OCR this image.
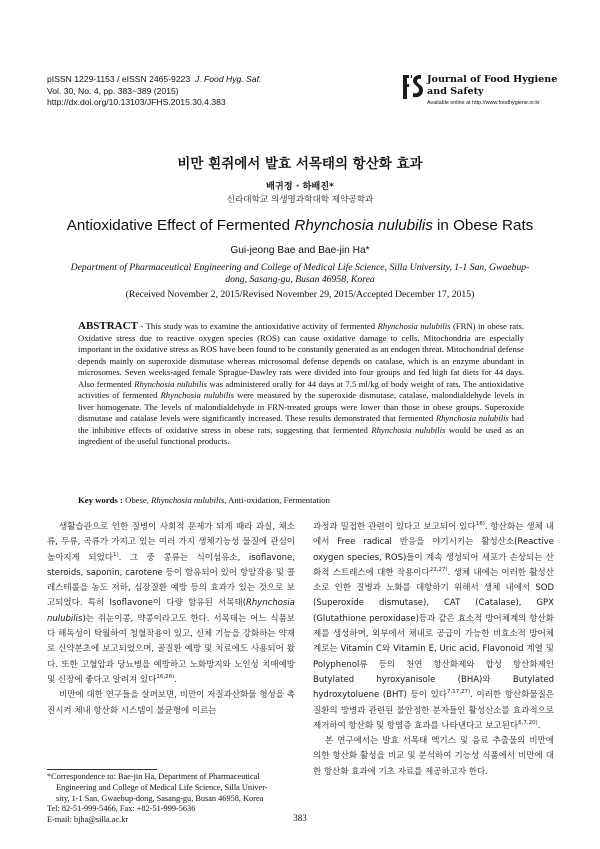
pISSN 1229-1153 / eISSN 2465-9223 J. Food Hyg. Saf.
Vol. 30, No. 4, pp. 383~389 (2015)
http://dx.doi.org/10.13103/JFHS.2015.30.4.383
Journal of Food Hygiene
and Safety
Available online at http://www.foodhygiene.or.kr
비만 흰쥐에서 발효 서목태의 항산화 효과
배귀정 · 하배진*
신라대학교 의생명과학대학 제약공학과
Antioxidative Effect of Fermented Rhynchosia nulubilis in Obese Rats
Gui-jeong Bae and Bae-jin Ha*
Department of Pharmaceutical Engineering and College of Medical Life Science, Silla University, 1-1 San, Gwaebup-dong, Sasang-gu, Busan 46958, Korea
(Received November 2, 2015/Revised November 29, 2015/Accepted December 17, 2015)
ABSTRACT - This study was to examine the antioxidative activity of fermented Rhynchosia nulubilis (FRN) in obese rats. Oxidative stress due to reactive oxygen species (ROS) can cause oxidative damage to cells. Mitochondria are especially important in the oxidative stress as ROS have been found to be constantly generated as an endogen threat. Mitochondrial defense depends mainly on superoxide dismutase whereas microsomal defense depends on catalase, which is an enzyme abundant in microsomes. Seven weeks-aged female Sprague-Dawley rats were divided into four groups and fed high fat diets for 44 days. Also fermented Rhynchosia nulubilis was administered orally for 44 days at 7.5 ml/kg of body weight of rats. The antioxidative activities of fermented Rhynchosia nulubilis were measured by the superoxide dismutase, catalase, malondialdehyde levels in liver homogenate. The levels of malondialdehyde in FRN-treated groups were lower than those in obese groups. Superoxide dismutase and catalase levels were significantly increased. These results demonstrated that fermented Rhynchosia nulubilis had the inhibitive effects of oxidative stress in obese rats, suggesting that fermented Rhynchosia nulubilis would be used as an ingredient of the useful functional products.
Key words : Obese, Rhynchosia nulubilis, Anti-oxidation, Fermentation

생활습관으로 인한 질병이 사회적 문제가 되게 때라 과실, 채소류, 두류, 곡류가 가지고 있는 여러 가지 생체기능성 물질에 관심이 높아지게 되었다$^{1)}$. 그 중 콩류는 식이섬유소, isoflavone, steroids, saponin, carotene 등이 함유되어 있어 항암작용 및 콜레스테롤을 농도 저하, 심장질환 예방 등의 효과가 있는 것으로 보고되었다. 특히 Isoflavone이 다량 함유된 서목태(Rhynchosia nulubilis)는 쥐눈이콩, 약콩이라고도 한다. 서목태는 어느 식품보다 해독성이 탁월하여 청혈작용이 있고, 신체 기능을 강화하는 약재로 신약본초에 보고되었으며, 골질환 예방 및 치료에도 사용되어 왔다. 또한 고혈압과 당뇨병을 예방하고 노화방지와 노인성 치매예방 및 신장에 좋다고 알려져 있다$^{16,26)}$.

비만에 대한 연구들을 살펴보면, 비만이 저질과산화물 형성을 촉진시켜 체내 항산화 시스템이 불균형에 이르는

과정과 밀접한 관련이 있다고 보고되어 있다$^{18)}$. 항산화는 생체 내에서 Free radical 반응을 야기시키는 활성산소(Reactive oxygen species, ROS)들이 계속 생성되어 세포가 손상되는 산화적 스트레스에 대한 작용이다$^{22,27)}$. 생체 내에는 이러한 활성산소로 인한 질병과 노화를 대항하기 위해서 생체 내에서 SOD (Superoxide dismutase), CAT (Catalase), GPX (Glutathione peroxidase)등과 같은 효소적 방어체계의 항산화제를 생성하며, 외부에서 체내로 공급이 가능한 비효소적 방어체계로는 Vitamin C와 Vitamin E, Uric acid, Flavonoid 계열 및 Polyphenol류 등의 천연 항산화제와 합성 항산화제인 Butylated hyroxyanisole (BHA)와 Butylated hydroxytoluene (BHT) 등이 있다$^{7,17,27)}$. 이러한 항산화물질은 질환의 방병과 관련된 불안정한 분자들인 활성산소를 효과적으로 제거하여 항산화 및 항염증 효과를 나타낸다고 보고된다$^{6,7,20)}$.

본 연구에서는 발효 서목태 엑기스 및 음료 추출물의 비만에 의한 항산화 활성을 비교 및 분석하여 기능성 식품에서 비만에 대한 항산화 효과에 기초 자료를 제공하고자 한다.

*Correspondence to: Bae-jin Ha, Department of Pharmaceutical
Engineering and College of Medical Life Science, Silla Univer-
sity, 1-1 San, Gwaebup-dong, Sasang-gu, Busan 46958, Korea
Tel: 82-51-999-5466, Fax: +82-51-999-5636
E-mail: bjha@silla.ac.kr	383
